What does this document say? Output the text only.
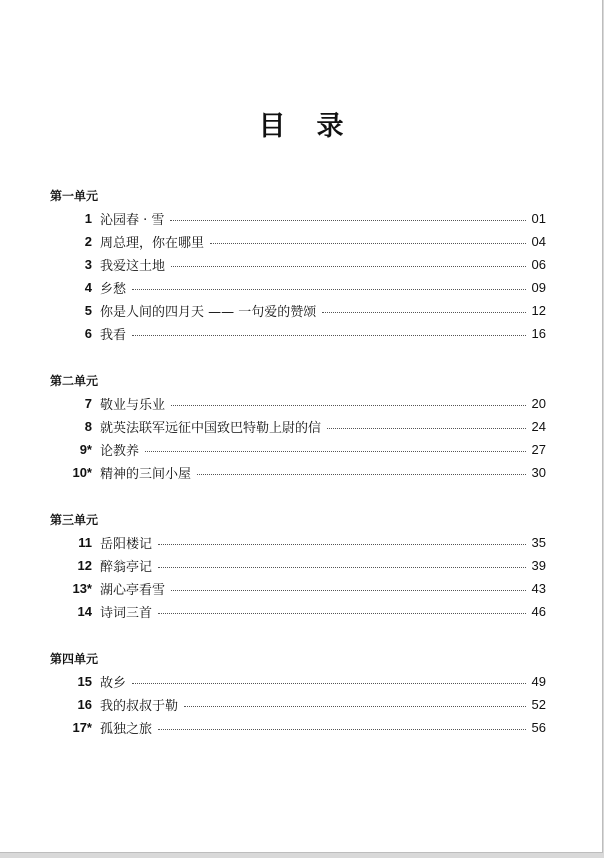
目　录
第一单元
1 沁园春 · 雪	01
2 周总理，你在哪里	04
3 我爱这土地	06
4 乡愁	09
5 你是人间的四月天 —— 一句爱的赞颂	12
6 我看	16
第二单元
7 敬业与乐业	20
8 就英法联军远征中国致巴特勒上尉的信	24
9* 论教养	27
10* 精神的三间小屋	30
第三单元
11 岳阳楼记	35
12 醉翁亭记	39
13* 湖心亭看雪	43
14 诗词三首	46
第四单元
15 故乡	49
16 我的叔叔于勒	52
17* 孤独之旅	56
